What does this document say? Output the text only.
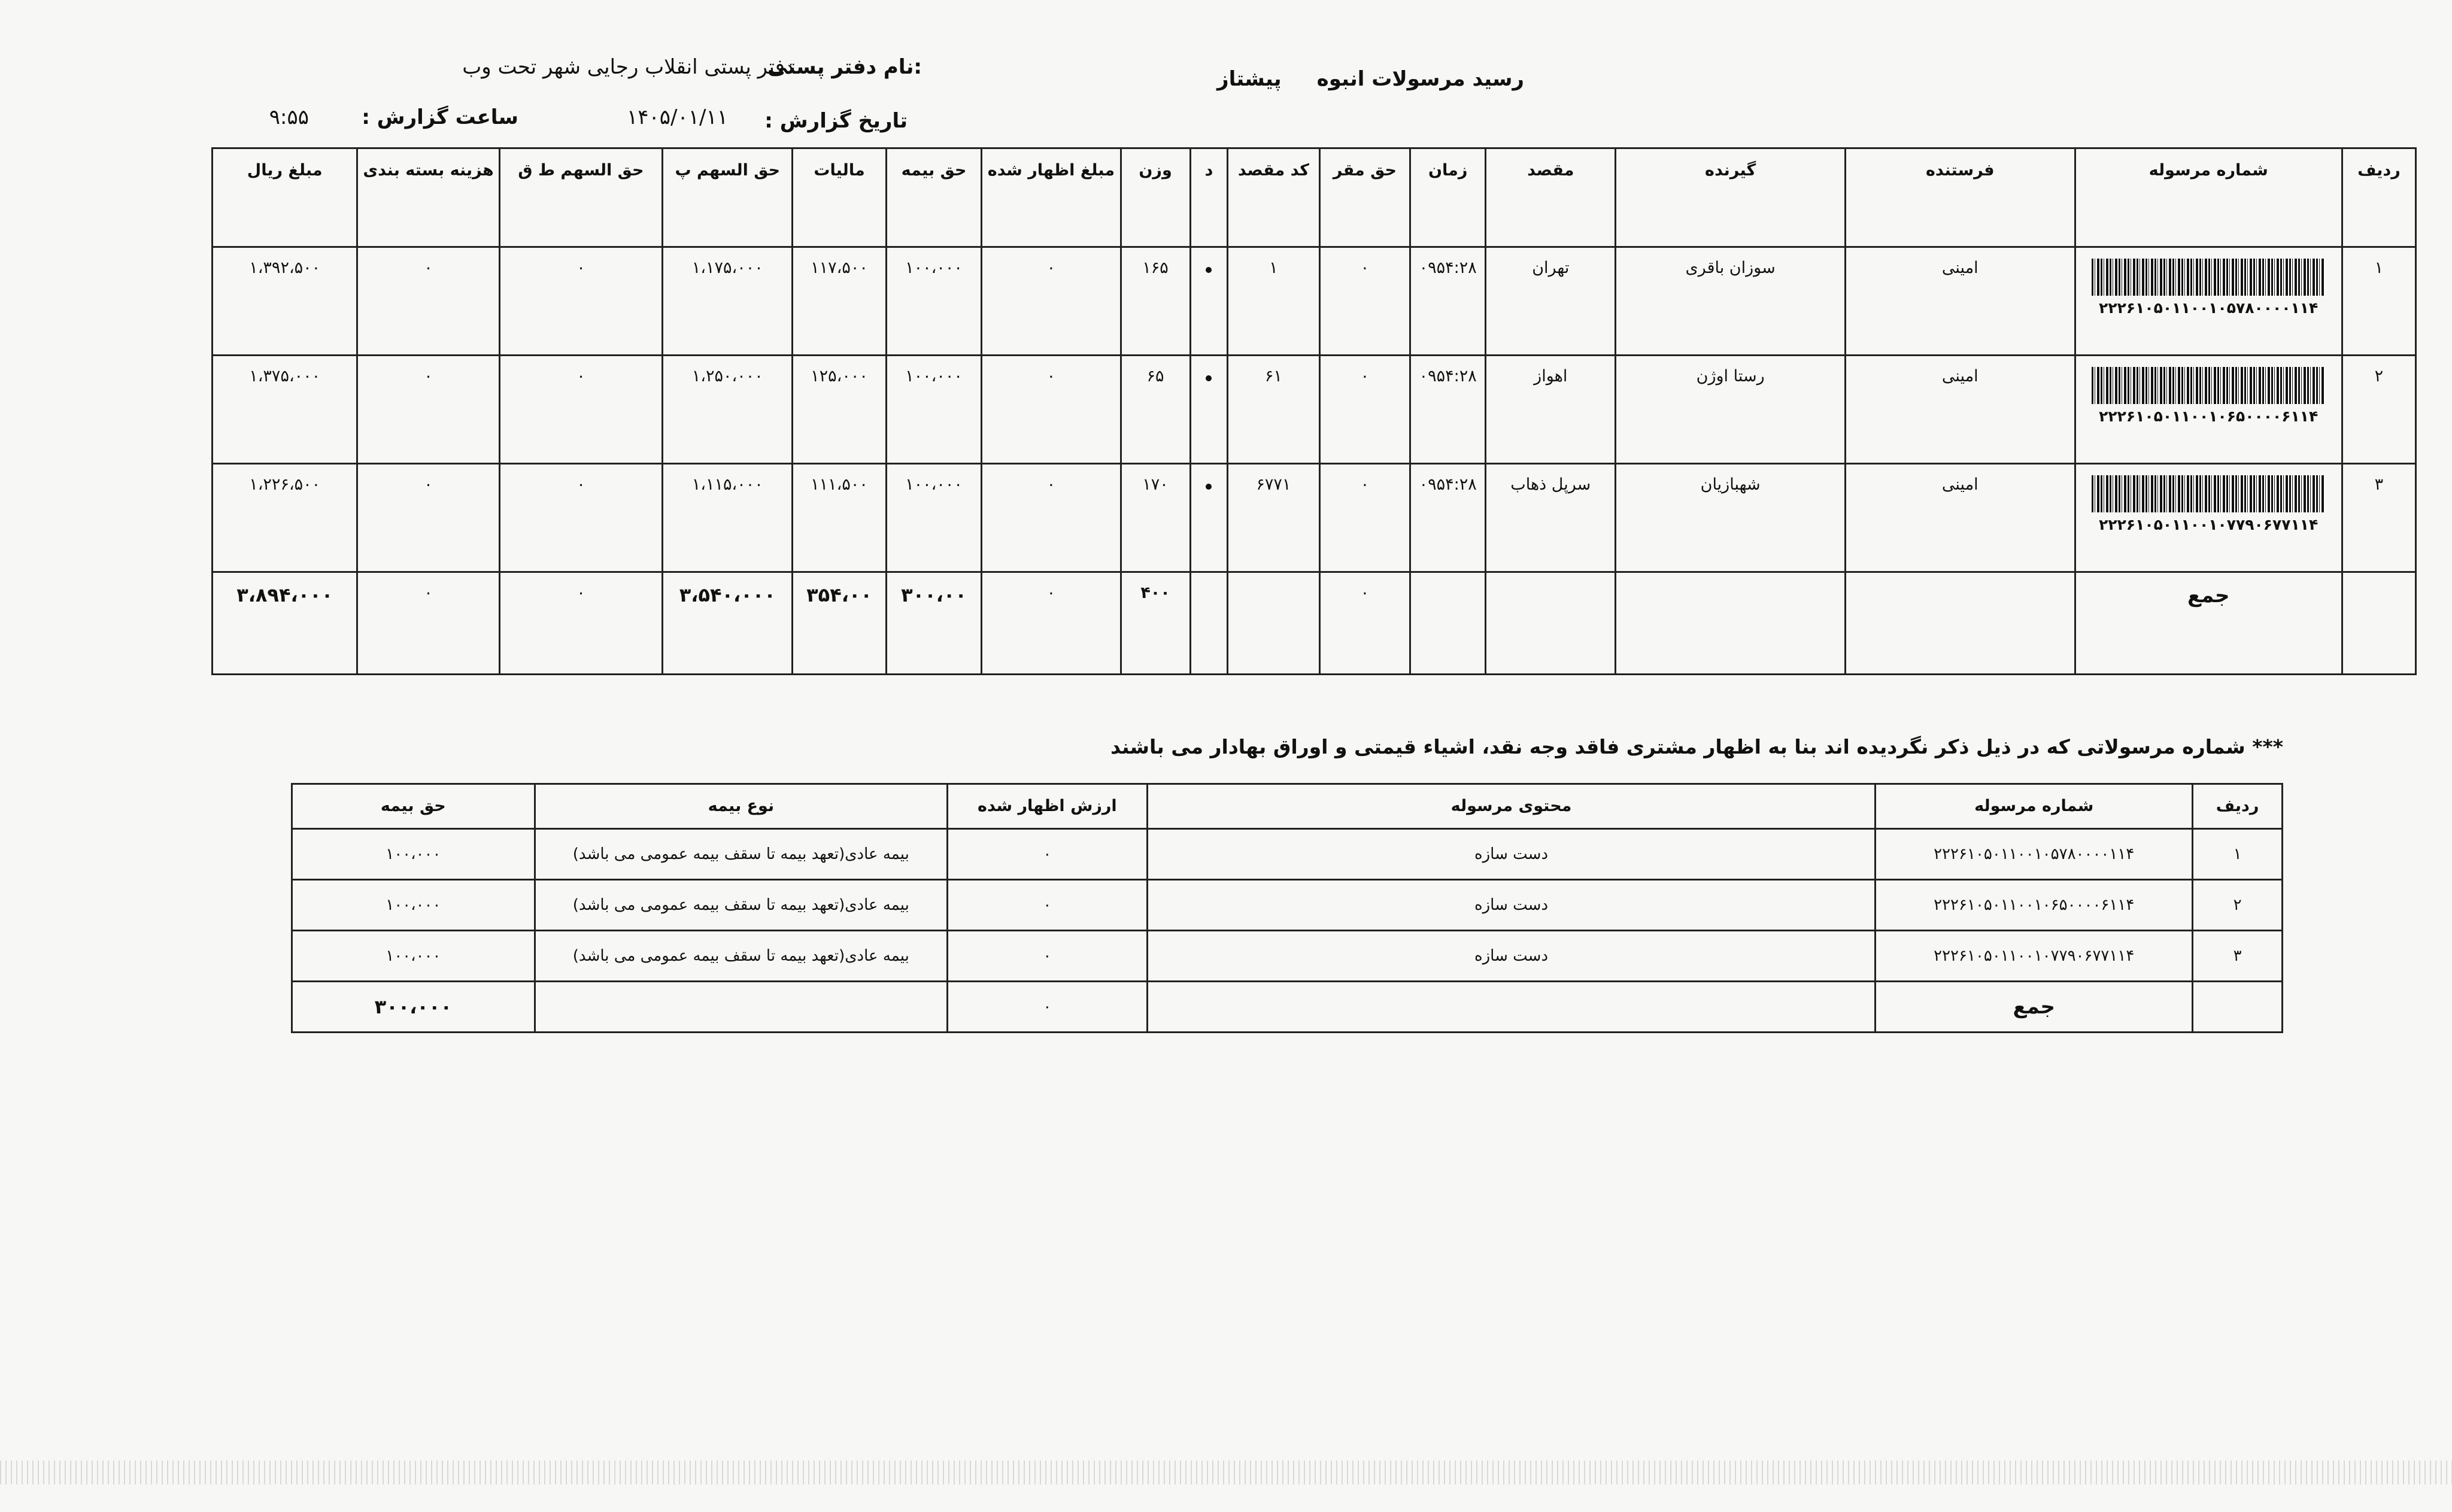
رسید مرسولات انبوه     پیشتاز
نام دفتر پستی:
دفتر پستی انقلاب رجایی شهر تحت وب
تاریخ گزارش :
۱۴۰۵/۰۱/۱۱
ساعت گزارش :
۹:۵۵
ردیف	شماره مرسوله	فرستنده	گیرنده	مقصد	زمان	حق مقر	کد مقصد	د	وزن	مبلغ اظهار شده	حق بیمه	مالیات	حق السهم پ	حق السهم ط ق	هزینه بسته بندی	مبلغ ریال
۱	۲۲۲۶۱۰۵۰۱۱۰۰۱۰۵۷۸۰۰۰۰۱۱۴	امینی	سوزان باقری	تهران	۰۹۵۴:۲۸	۰	۱		۱۶۵	۰	۱۰۰،۰۰۰	۱۱۷،۵۰۰	۱،۱۷۵،۰۰۰	۰	۰	۱،۳۹۲،۵۰۰
۲	۲۲۲۶۱۰۵۰۱۱۰۰۱۰۶۵۰۰۰۰۶۱۱۴	امینی	رستا اوژن	اهواز	۰۹۵۴:۲۸	۰	۶۱		۶۵	۰	۱۰۰،۰۰۰	۱۲۵،۰۰۰	۱،۲۵۰،۰۰۰	۰	۰	۱،۳۷۵،۰۰۰
۳	۲۲۲۶۱۰۵۰۱۱۰۰۱۰۷۷۹۰۶۷۷۱۱۴	امینی	شهبازیان	سرپل ذهاب	۰۹۵۴:۲۸	۰	۶۷۷۱		۱۷۰	۰	۱۰۰،۰۰۰	۱۱۱،۵۰۰	۱،۱۱۵،۰۰۰	۰	۰	۱،۲۲۶،۵۰۰
	جمع					۰			۴۰۰	۰	۳۰۰،۰۰	۳۵۴،۰۰	۳،۵۴۰،۰۰۰	۰	۰	۳،۸۹۴،۰۰۰
*** شماره مرسولاتی که در ذیل ذکر نگردیده اند بنا به اظهار مشتری فاقد وجه نقد، اشیاء قیمتی و اوراق بهادار می باشند
ردیف	شماره مرسوله	محتوی مرسوله	ارزش اظهار شده	نوع بیمه	حق بیمه
۱	۲۲۲۶۱۰۵۰۱۱۰۰۱۰۵۷۸۰۰۰۰۱۱۴	دست سازه	۰	بیمه عادی(تعهد بیمه تا سقف بیمه عمومی می باشد)	۱۰۰،۰۰۰
۲	۲۲۲۶۱۰۵۰۱۱۰۰۱۰۶۵۰۰۰۰۶۱۱۴	دست سازه	۰	بیمه عادی(تعهد بیمه تا سقف بیمه عمومی می باشد)	۱۰۰،۰۰۰
۳	۲۲۲۶۱۰۵۰۱۱۰۰۱۰۷۷۹۰۶۷۷۱۱۴	دست سازه	۰	بیمه عادی(تعهد بیمه تا سقف بیمه عمومی می باشد)	۱۰۰،۰۰۰
	جمع		۰		۳۰۰،۰۰۰
